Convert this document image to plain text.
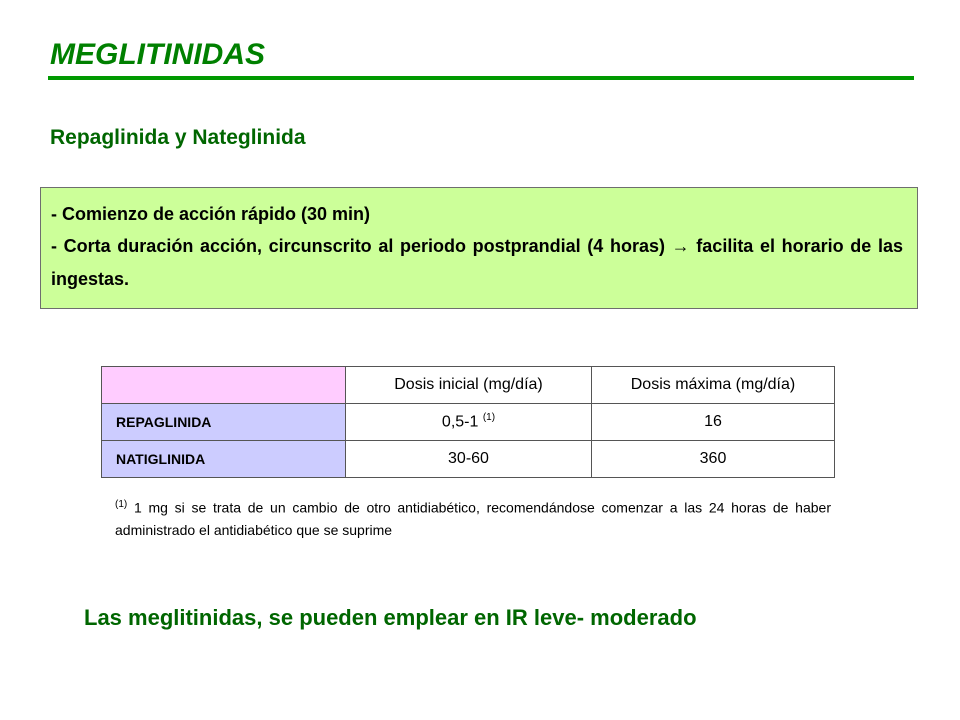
MEGLITINIDAS
Repaglinida y Nateglinida
- Comienzo de acción rápido (30 min)
- Corta duración acción, circunscrito al periodo postprandial (4 horas) → facilita el horario de las ingestas.
	Dosis inicial (mg/día)	Dosis máxima (mg/día)
REPAGLINIDA	0,5-1 $^{(1)}$	16
NATIGLINIDA	30-60	360
$^{(1)}$ 1 mg si se trata de un cambio de otro antidiabético, recomendándose comenzar a las 24 horas de haber administrado el antidiabético que se suprime
Las meglitinidas, se pueden emplear en IR leve- moderado
